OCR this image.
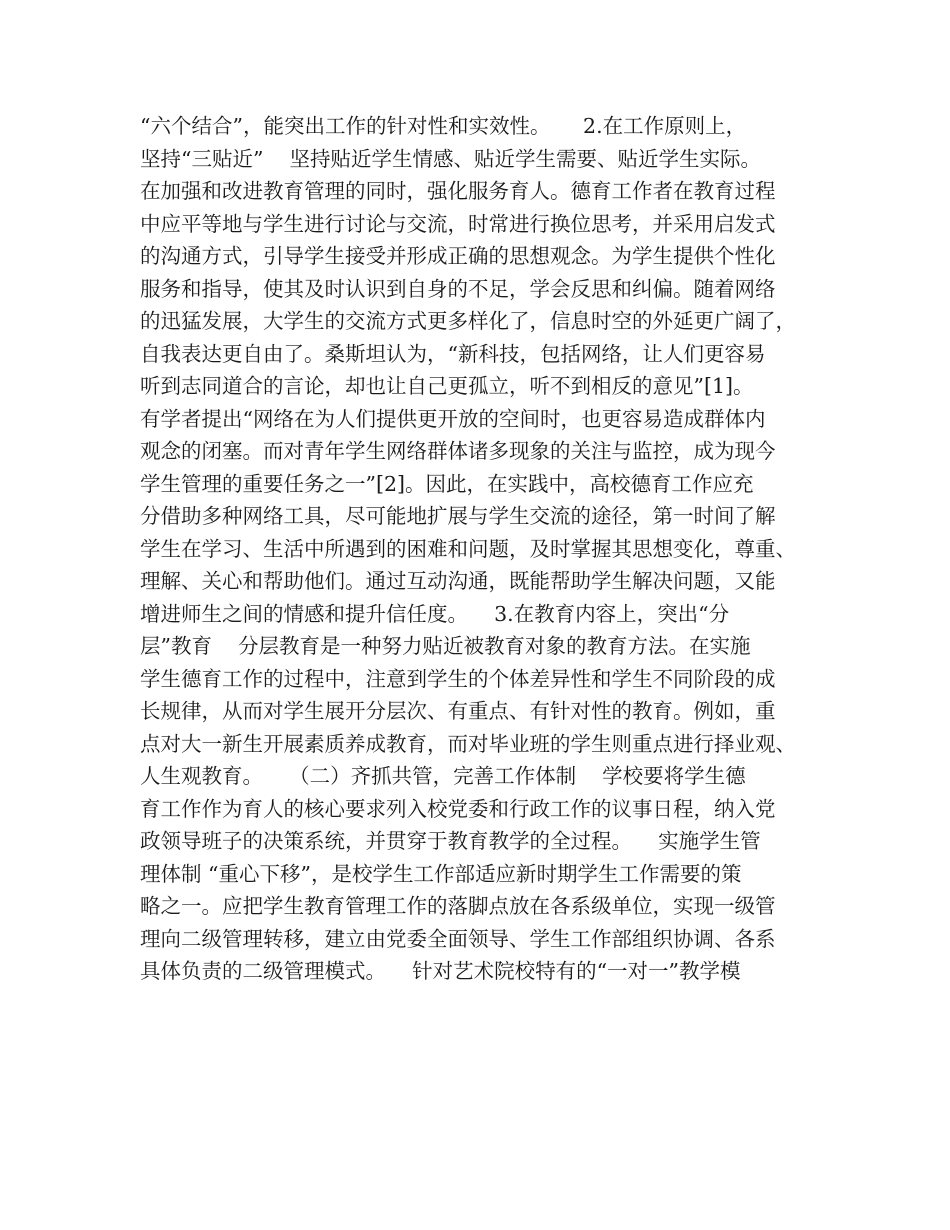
“六个结合”，能突出工作的针对性和实效性。     2.在工作原则上，
坚持“三贴近”    坚持贴近学生情感、贴近学生需要、贴近学生实际。
在加强和改进教育管理的同时，强化服务育人。德育工作者在教育过程
中应平等地与学生进行讨论与交流，时常进行换位思考，并采用启发式
的沟通方式，引导学生接受并形成正确的思想观念。为学生提供个性化
服务和指导，使其及时认识到自身的不足，学会反思和纠偏。随着网络
的迅猛发展，大学生的交流方式更多样化了，信息时空的外延更广阔了，
自我表达更自由了。桑斯坦认为，“新科技，包括网络，让人们更容易
听到志同道合的言论，却也让自己更孤立，听不到相反的意见”[1]。
有学者提出“网络在为人们提供更开放的空间时，也更容易造成群体内
观念的闭塞。而对青年学生网络群体诸多现象的关注与监控，成为现今
学生管理的重要任务之一”[2]。因此，在实践中，高校德育工作应充
分借助多种网络工具，尽可能地扩展与学生交流的途径，第一时间了解
学生在学习、生活中所遇到的困难和问题，及时掌握其思想变化，尊重、
理解、关心和帮助他们。通过互动沟通，既能帮助学生解决问题，又能
增进师生之间的情感和提升信任度。    3.在教育内容上，突出“分
层”教育    分层教育是一种努力贴近被教育对象的教育方法。在实施
学生德育工作的过程中，注意到学生的个体差异性和学生不同阶段的成
长规律，从而对学生展开分层次、有重点、有针对性的教育。例如，重
点对大一新生开展素质养成教育，而对毕业班的学生则重点进行择业观、
人生观教育。    （二）齐抓共管，完善工作体制    学校要将学生德
育工作作为育人的核心要求列入校党委和行政工作的议事日程，纳入党
政领导班子的决策系统，并贯穿于教育教学的全过程。    实施学生管
理体制 “重心下移”，是校学生工作部适应新时期学生工作需要的策
略之一。应把学生教育管理工作的落脚点放在各系级单位，实现一级管
理向二级管理转移，建立由党委全面领导、学生工作部组织协调、各系
具体负责的二级管理模式。    针对艺术院校特有的“一对一”教学模
